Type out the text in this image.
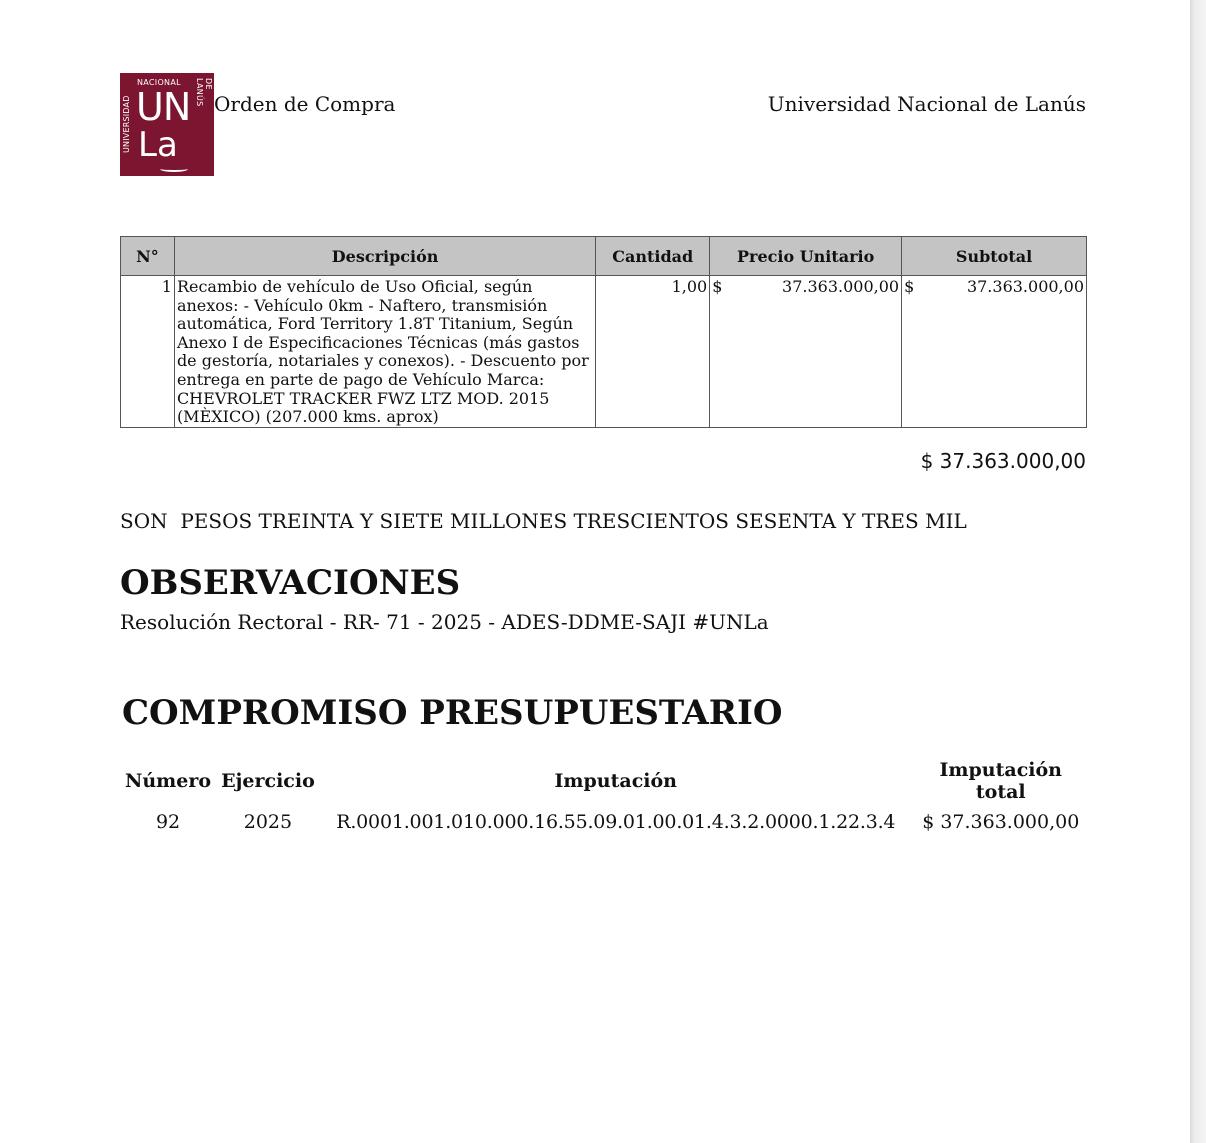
UNIVERSIDAD
NACIONAL	DE LANÚS
UN
La
Orden de Compra	Universidad Nacional de Lanús
N°	Descripción	Cantidad	Precio Unitario	Subtotal
1	Recambio de vehículo de Uso Oficial, según anexos: - Vehículo 0km - Naftero, transmisión automática, Ford Territory 1.8T Titanium, Según Anexo I de Especificaciones Técnicas (más gastos de gestoría, notariales y conexos). - Descuento por entrega en parte de pago de Vehículo Marca: CHEVROLET TRACKER FWZ LTZ MOD. 2015 (MÈXICO) (207.000 kms. aprox)	1,00	$ 37.363.000,00	$ 37.363.000,00
$ 37.363.000,00
SON  PESOS TREINTA Y SIETE MILLONES TRESCIENTOS SESENTA Y TRES MIL
OBSERVACIONES
Resolución Rectoral - RR- 71 - 2025 - ADES-DDME-SAJI #UNLa
COMPROMISO PRESUPUESTARIO
Número	Ejercicio	Imputación	Imputación total
92	2025	R.0001.001.010.000.16.55.09.01.00.01.4.3.2.0000.1.22.3.4	$ 37.363.000,00
